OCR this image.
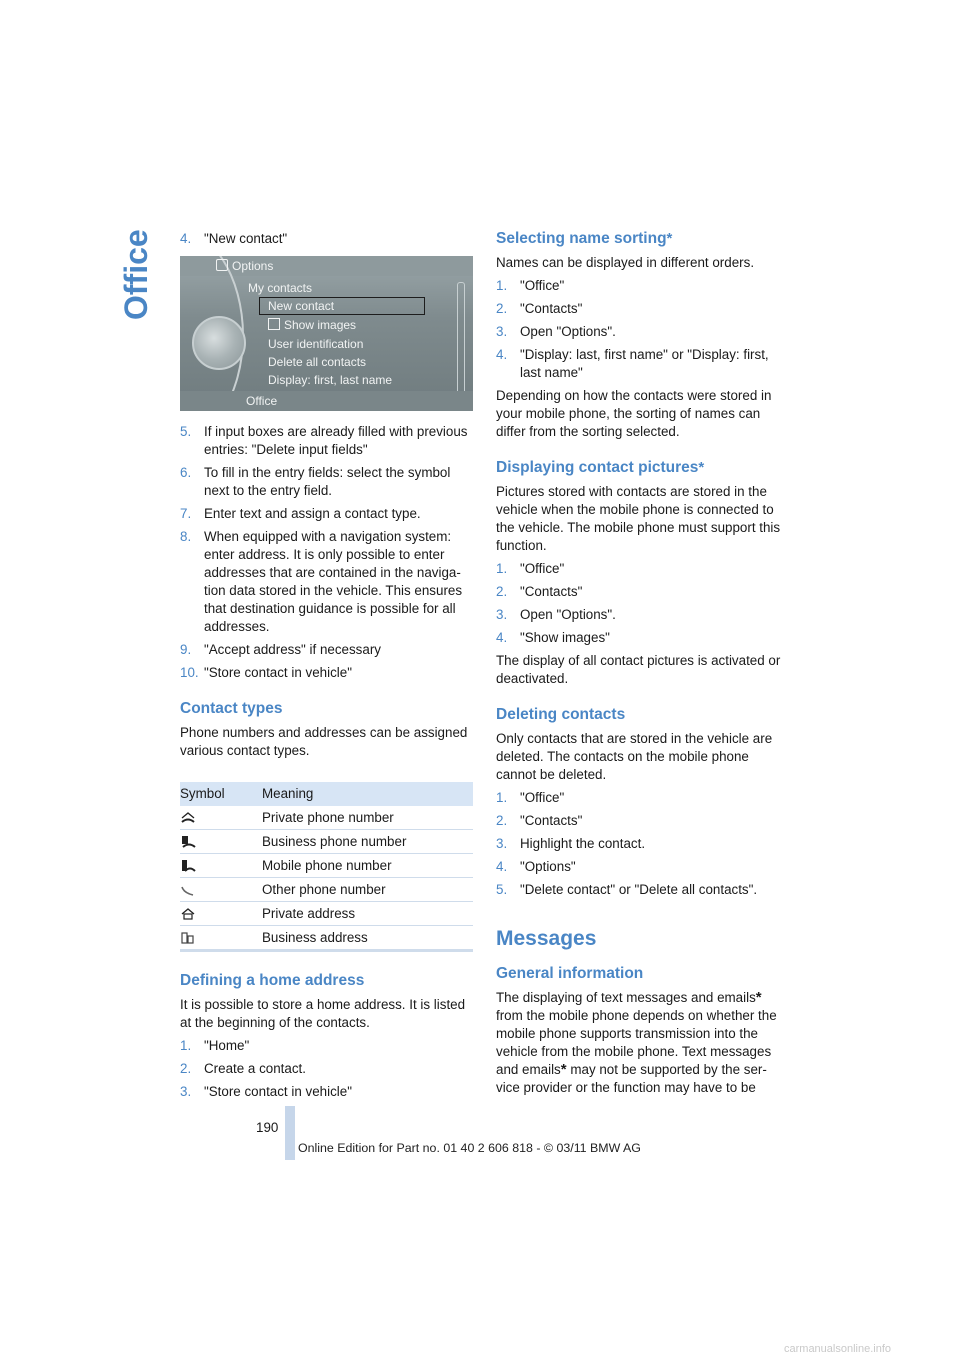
Office 4. "New contact"
Options
My contacts
New contact
Show images
User identification
Delete all contacts
Display: first, last name
Office
5. If input boxes are already filled with previous entries: "Delete input fields"
6. To fill in the entry fields: select the symbol next to the entry field.
7. Enter text and assign a contact type.
8. When equipped with a navigation system: enter address. It is only possible to enter addresses that are contained in the naviga-tion data stored in the vehicle. This ensures that destination guidance is possible for all addresses.
9. "Accept address" if necessary
10. "Store contact in vehicle"
Contact types

Phone numbers and addresses can be assigned various contact types.

Symbol	Meaning

	Private phone number

	Business phone number

	Mobile phone number

	Other phone number

	Private address

	Business address
Defining a home address

It is possible to store a home address. It is listed at the beginning of the contacts.

1. "Home"
2. Create a contact.
3. "Store contact in vehicle"
Selecting name sorting*

Names can be displayed in different orders.

1. "Office"
2. "Contacts"
3. Open "Options".
4. "Display: last, first name" or "Display: first, last name"

Depending on how the contacts were stored in your mobile phone, the sorting of names can differ from the sorting selected.

Displaying contact pictures*

Pictures stored with contacts are stored in the vehicle when the mobile phone is connected to the vehicle. The mobile phone must support this function.

1. "Office"
2. "Contacts"
3. Open "Options".
4. "Show images"

The display of all contact pictures is activated or deactivated.

Deleting contacts

Only contacts that are stored in the vehicle are deleted. The contacts on the mobile phone cannot be deleted.

1. "Office"
2. "Contacts"
3. Highlight the contact.
4. "Options"
5. "Delete contact" or "Delete all contacts".
Messages
General information

The displaying of text messages and emails* from the mobile phone depends on whether the mobile phone supports transmission into the vehicle from the mobile phone. Text messages and emails* may not be supported by the ser-vice provider or the function may have to be

190
Online Edition for Part no. 01 40 2 606 818 - © 03/11 BMW AG
carmanualsonline.info
